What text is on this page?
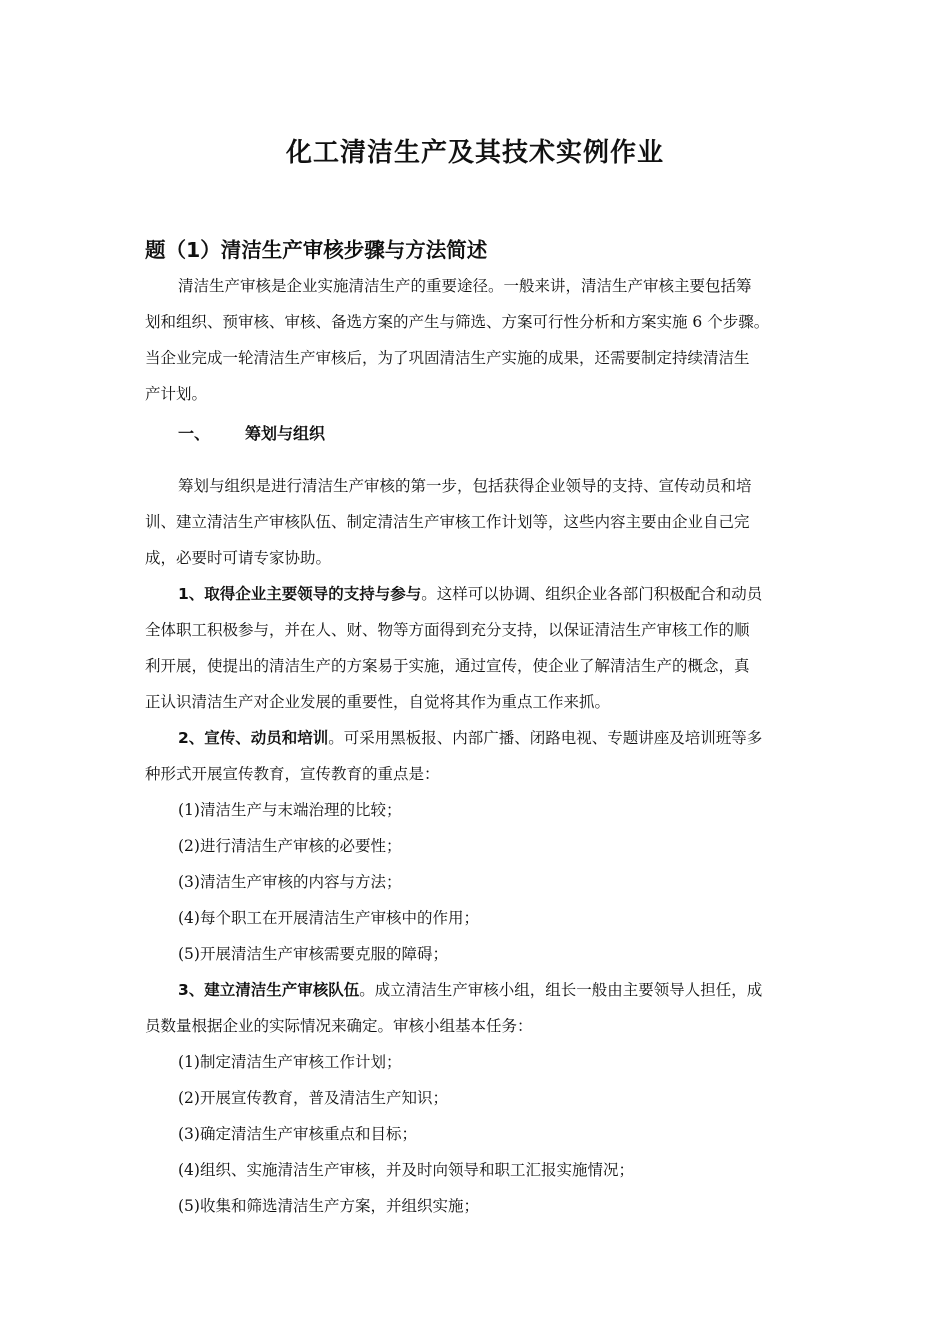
化工清洁生产及其技术实例作业
题（1）清洁生产审核步骤与方法简述
清洁生产审核是企业实施清洁生产的重要途径。一般来讲，清洁生产审核主要包括筹
划和组织、预审核、审核、备选方案的产生与筛选、方案可行性分析和方案实施 6 个步骤。
当企业完成一轮清洁生产审核后，为了巩固清洁生产实施的成果，还需要制定持续清洁生
产计划。
一、 筹划与组织
筹划与组织是进行清洁生产审核的第一步，包括获得企业领导的支持、宣传动员和培
训、建立清洁生产审核队伍、制定清洁生产审核工作计划等，这些内容主要由企业自己完
成，必要时可请专家协助。
1、取得企业主要领导的支持与参与。这样可以协调、组织企业各部门积极配合和动员
全体职工积极参与，并在人、财、物等方面得到充分支持，以保证清洁生产审核工作的顺
利开展，使提出的清洁生产的方案易于实施，通过宣传，使企业了解清洁生产的概念，真
正认识清洁生产对企业发展的重要性，自觉将其作为重点工作来抓。
2、宣传、动员和培训。可采用黑板报、内部广播、闭路电视、专题讲座及培训班等多
种形式开展宣传教育，宣传教育的重点是：
(1)清洁生产与末端治理的比较；
(2)进行清洁生产审核的必要性；
(3)清洁生产审核的内容与方法；
(4)每个职工在开展清洁生产审核中的作用；
(5)开展清洁生产审核需要克服的障碍；
3、建立清洁生产审核队伍。成立清洁生产审核小组，组长一般由主要领导人担任，成
员数量根据企业的实际情况来确定。审核小组基本任务：
(1)制定清洁生产审核工作计划；
(2)开展宣传教育，普及清洁生产知识；
(3)确定清洁生产审核重点和目标；
(4)组织、实施清洁生产审核，并及时向领导和职工汇报实施情况；
(5)收集和筛选清洁生产方案，并组织实施；
